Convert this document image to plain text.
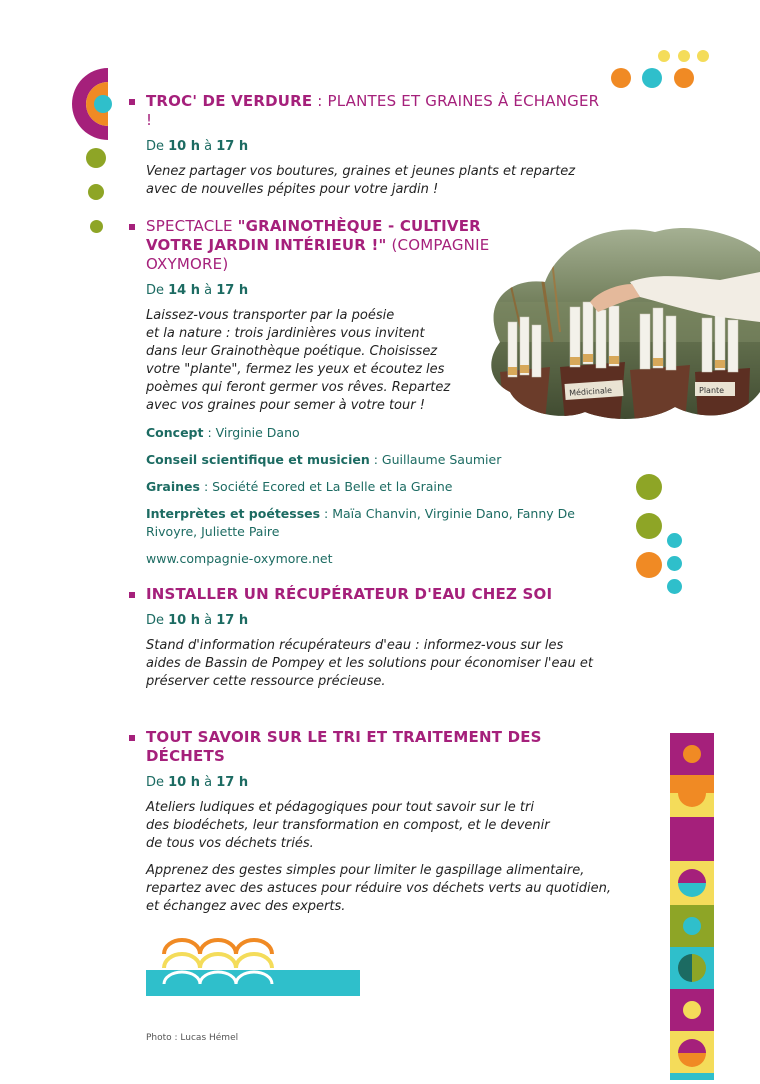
Médicinale	Plante
TROC' DE VERDURE : PLANTES ET GRAINES À ÉCHANGER !
De 10 h à 17 h
Venez partager vos boutures, graines et jeunes plants et repartez avec de nouvelles pépites pour votre jardin !
SPECTACLE "GRAINOTHÈQUE - CULTIVER VOTRE JARDIN INTÉRIEUR !" (COMPAGNIE OXYMORE)
De 14 h à 17 h
Laissez-vous transporter par la poésie
et la nature : trois jardinières vous invitent
dans leur Grainothèque poétique. Choisissez
votre "plante", fermez les yeux et écoutez les
poèmes qui feront germer vos rêves. Repartez
avec vos graines pour semer à votre tour !
Concept : Virginie Dano
Conseil scientifique et musicien : Guillaume Saumier
Graines : Société Ecored et La Belle et la Graine
Interprètes et poétesses : Maïa Chanvin, Virginie Dano, Fanny De Rivoyre, Juliette Paire
www.compagnie-oxymore.net
INSTALLER UN RÉCUPÉRATEUR D'EAU CHEZ SOI
De 10 h à 17 h
Stand d'information récupérateurs d'eau : informez-vous sur les aides de Bassin de Pompey et les solutions pour économiser l'eau et préserver cette ressource précieuse.
TOUT SAVOIR SUR LE TRI ET TRAITEMENT DES DÉCHETS
De 10 h à 17 h
Ateliers ludiques et pédagogiques pour tout savoir sur le tri des biodéchets, leur transformation en compost, et le devenir de tous vos déchets triés.
Apprenez des gestes simples pour limiter le gaspillage alimentaire, repartez avec des astuces pour réduire vos déchets verts au quotidien, et échangez avec des experts.
Photo : Lucas Hémel
